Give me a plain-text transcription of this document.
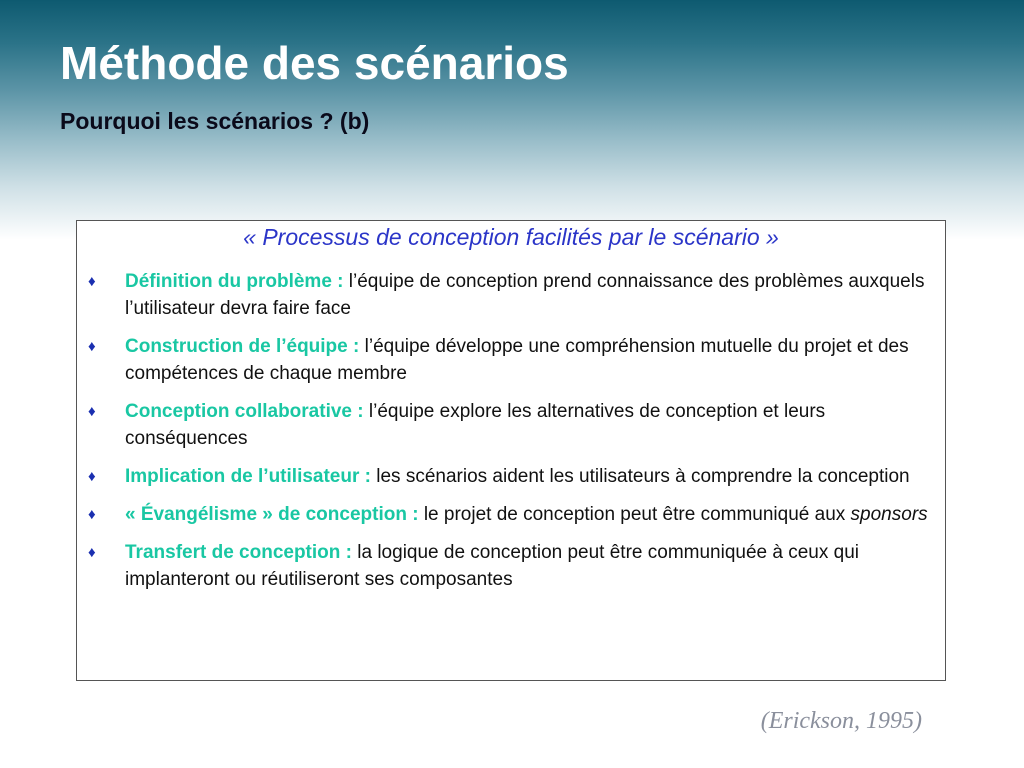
Méthode des scénarios
Pourquoi les scénarios ? (b)
« Processus de conception facilités par le scénario »
♦ Définition du problème : l’équipe de conception prend connaissance des problèmes auxquels l’utilisateur devra faire face
♦ Construction de l’équipe : l’équipe développe une compréhension mutuelle du projet et des compétences de chaque membre
♦ Conception collaborative : l’équipe explore les alternatives de conception et leurs conséquences
♦ Implication de l’utilisateur : les scénarios aident les utilisateurs à comprendre la conception
♦ « Évangélisme » de conception : le projet de conception peut être communiqué aux sponsors
♦ Transfert de conception : la logique de conception peut être communiquée à ceux qui implanteront ou réutiliseront ses composantes
(Erickson, 1995)
